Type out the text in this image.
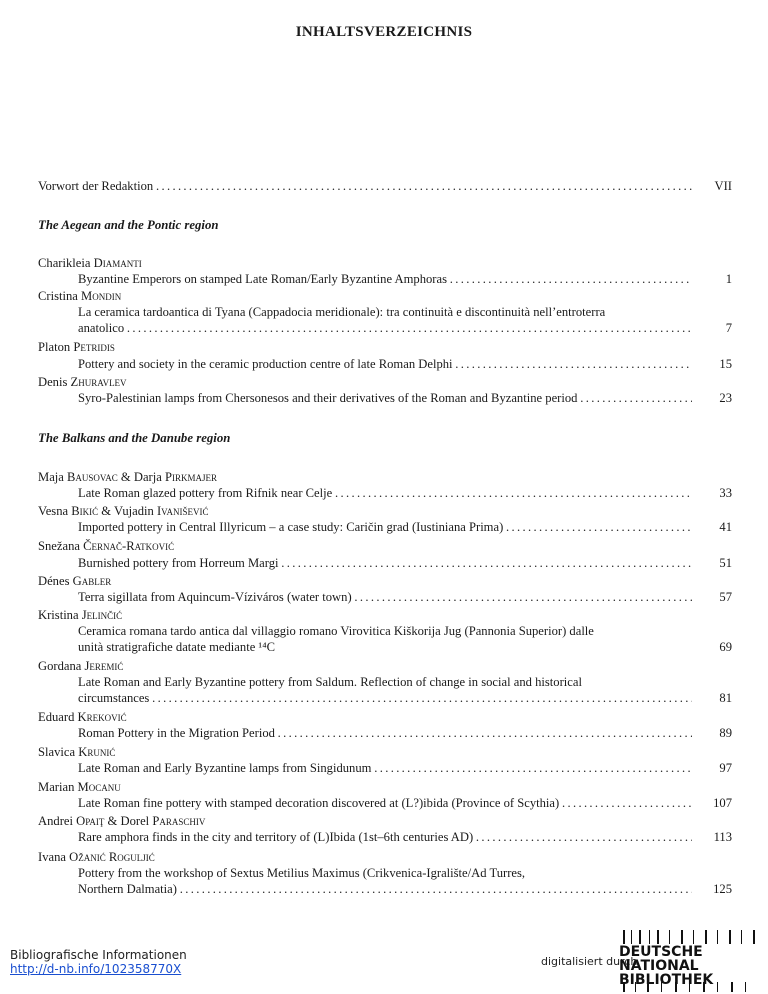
INHALTSVERZEICHNIS
Vorwort der Redaktion . . .	VII
The Aegean and the Pontic region
Charikleia Diamanti
Byzantine Emperors on stamped Late Roman/Early Byzantine Amphoras . . .	1
Cristina Mondin
La ceramica tardoantica di Tyana (Cappadocia meridionale): tra continuità e discontinuità nell’entroterra
anatolico . . .	7
Platon Petridis
Pottery and society in the ceramic production centre of late Roman Delphi . . .	15
Denis Zhuravlev
Syro-Palestinian lamps from Chersonesos and their derivatives of the Roman and Byzantine period . . .	23
The Balkans and the Danube region
Maja Bausovac & Darja Pirkmajer
Late Roman glazed pottery from Rifnik near Celje . . .	33
Vesna Bikić & Vujadin Ivanišević
Imported pottery in Central Illyricum – a case study: Caričin grad (Iustiniana Prima) . . .	41
Snežana Černač-Ratković
Burnished pottery from Horreum Margi . . .	51
Dénes Gabler
Terra sigillata from Aquincum-Víziváros (water town) . . .	57
Kristina Jelinčić
Ceramica romana tardo antica dal villaggio romano Virovitica Kiškorija Jug (Pannonia Superior) dalle
unità stratigrafiche datate mediante ¹⁴C	69
Gordana Jeremić
Late Roman and Early Byzantine pottery from Saldum. Reflection of change in social and historical
circumstances . . .	81
Eduard Kreković
Roman Pottery in the Migration Period . . .	89
Slavica Krunić
Late Roman and Early Byzantine lamps from Singidunum . . .	97
Marian Mocanu
Late Roman fine pottery with stamped decoration discovered at (L?)ibida (Province of Scythia) . . .	107
Andrei Opaiţ & Dorel Paraschiv
Rare amphora finds in the city and territory of (L)Ibida (1st–6th centuries AD) . . .	113
Ivana Ožanić Roguljić
Pottery from the workshop of Sextus Metilius Maximus (Crikvenica-Igralište/Ad Turres,
Northern Dalmatia) . . .	125
Bibliografische Informationen
http://d-nb.info/102358770X
digitalisiert durch
DEUTSCHE
NATIONAL
BIBLIOTHEK
